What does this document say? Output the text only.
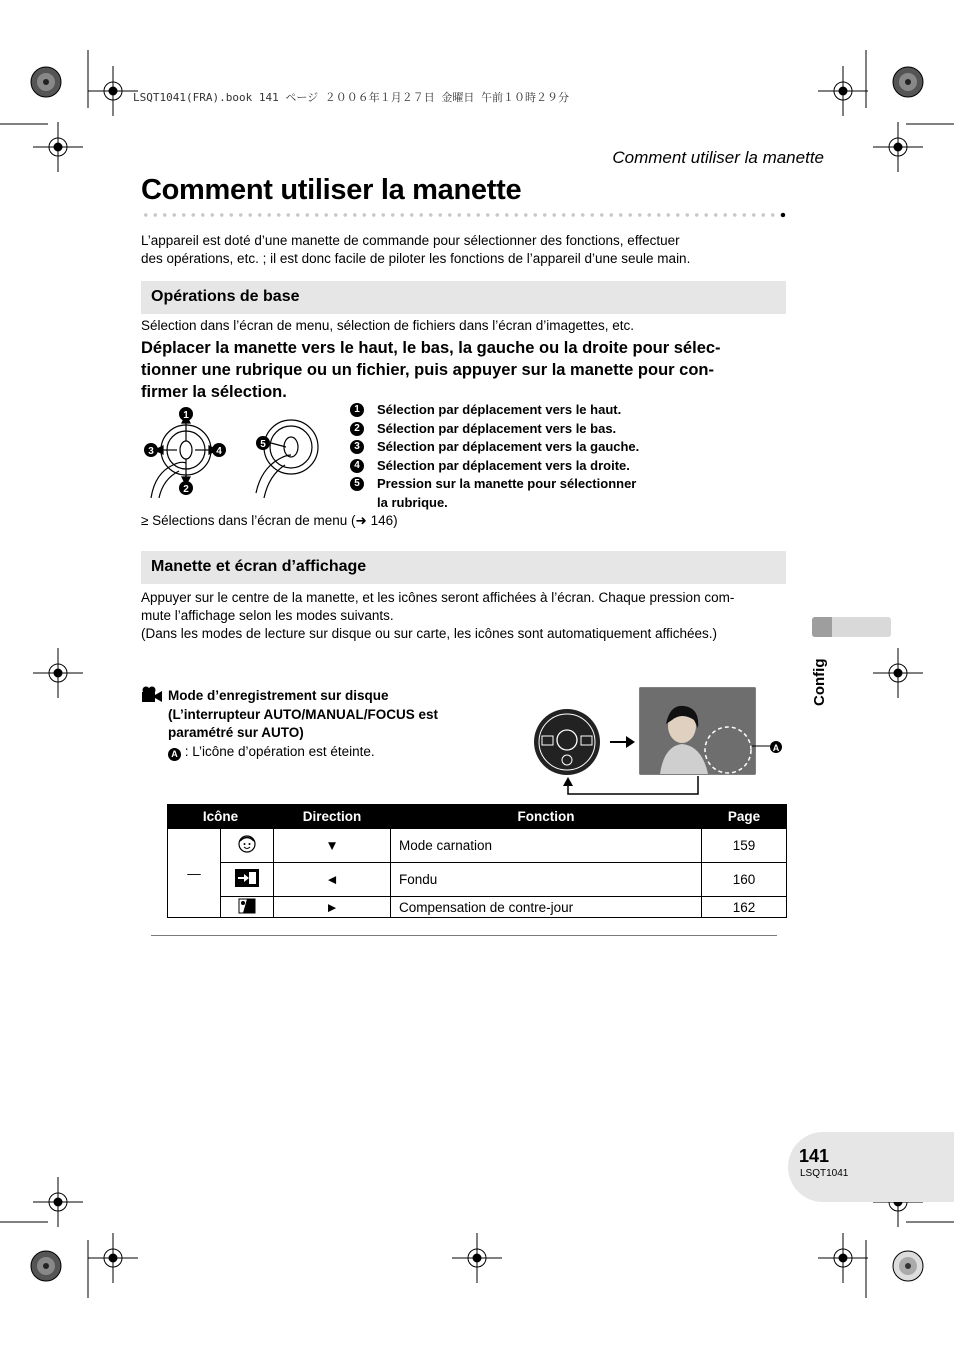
LSQT1041(FRA).book 141 ページ ２００６年１月２７日 金曜日 午前１０時２９分
Comment utiliser la manette
Comment utiliser la manette

L’appareil est doté d’une manette de commande pour sélectionner des fonctions, effectuer

des opérations, etc. ; il est donc facile de piloter les fonctions de l’appareil d’une seule main.

Opérations de base

Sélection dans l’écran de menu, sélection de fichiers dans l’écran d’imagettes, etc.

Déplacer la manette vers le haut, le bas, la gauche ou la droite pour sélec-

tionner une rubrique ou un fichier, puis appuyer sur la manette pour con-

firmer la sélection.

1
2
3	4
5
1	Sélection par déplacement vers le haut.
2	Sélection par déplacement vers le bas.
3	Sélection par déplacement vers la gauche.
4	Sélection par déplacement vers la droite.
5	Pression sur la manette pour sélectionner
la rubrique.

≥ Sélections dans l’écran de menu (➜ 146)

Manette et écran d’affichage

Appuyer sur le centre de la manette, et les icônes seront affichées à l’écran. Chaque pression com-

mute l’affichage selon les modes suivants.

(Dans les modes de lecture sur disque ou sur carte, les icônes sont automatiquement affichées.)

Config
Mode d’enregistrement sur disque
(L’interrupteur AUTO/MANUAL/FOCUS est
paramétré sur AUTO)
A : L’icône d’opération est éteinte.	A
Icône		Direction	Fonction	Page
—		▼	Mode carnation	159
	◄	Fondu	160
	►	Compensation de contre-jour	162
141
LSQT1041
